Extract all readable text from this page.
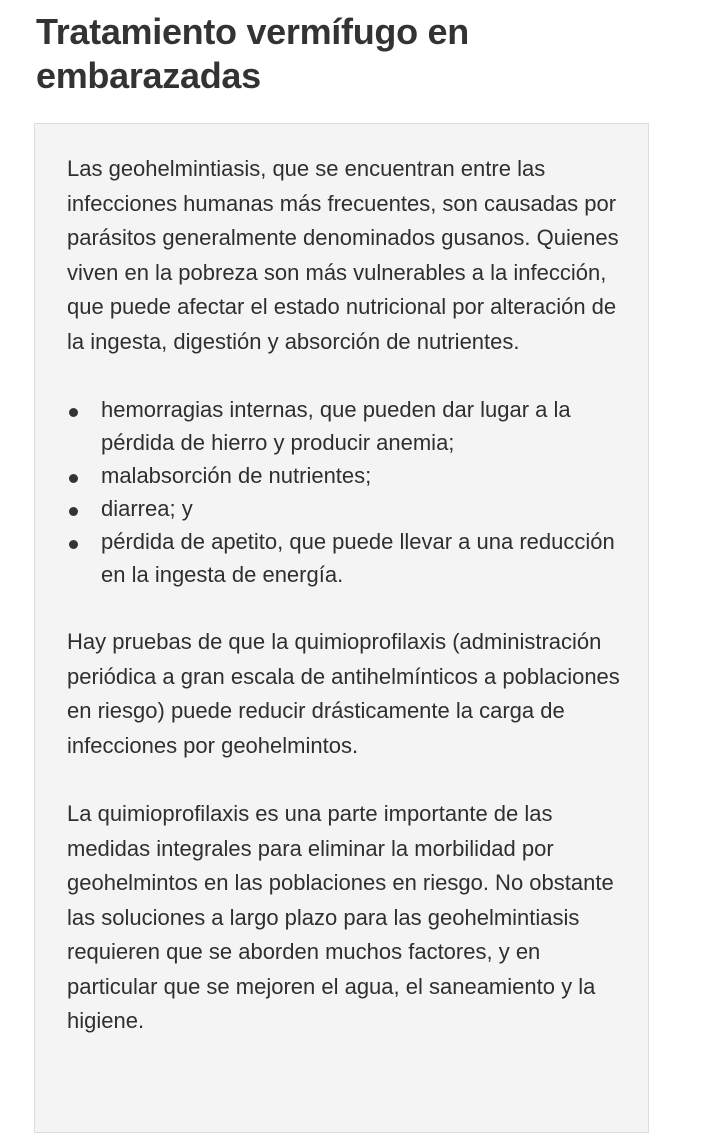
Tratamiento vermífugo en embarazadas

Las geohelmintiasis, que se encuentran entre las infecciones humanas más frecuentes, son causadas por parásitos generalmente denominados gusanos. Quienes viven en la pobreza son más vulnerables a la infección, que puede afectar el estado nutricional por alteración de la ingesta, digestión y absorción de nutrientes.

hemorragias internas, que pueden dar lugar a la pérdida de hierro y producir anemia;
malabsorción de nutrientes;
diarrea; y
pérdida de apetito, que puede llevar a una reducción en la ingesta de energía.

Hay pruebas de que la quimioprofilaxis (administración periódica a gran escala de antihelmínticos a poblaciones en riesgo) puede reducir drásticamente la carga de infecciones por geohelmintos.

La quimioprofilaxis es una parte importante de las medidas integrales para eliminar la morbilidad por geohelmintos en las poblaciones en riesgo. No obstante las soluciones a largo plazo para las geohelmintiasis requieren que se aborden muchos factores, y en particular que se mejoren el agua, el saneamiento y la higiene.
